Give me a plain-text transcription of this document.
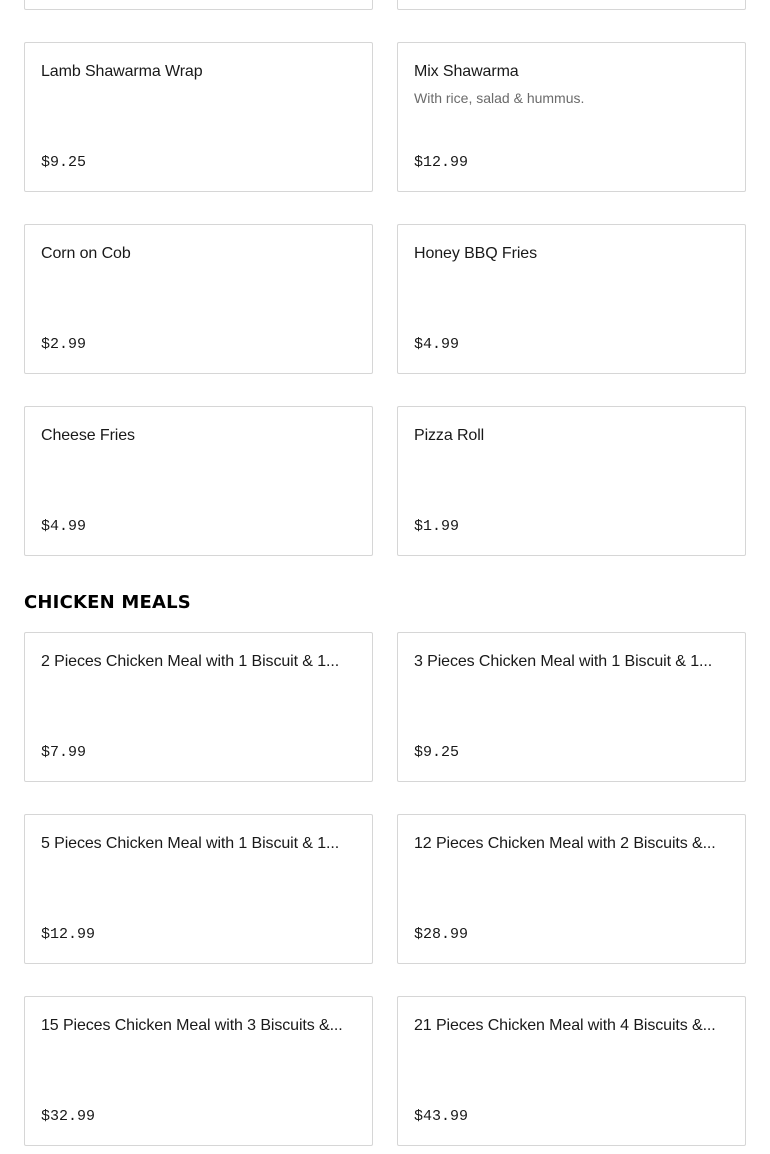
Lamb Shawarma Wrap
$9.25
Mix Shawarma
With rice, salad & hummus.
$12.99
Corn on Cob
$2.99
Honey BBQ Fries
$4.99
Cheese Fries
$4.99
Pizza Roll
$1.99
CHICKEN MEALS
2 Pieces Chicken Meal with 1 Biscuit & 1...
$7.99
3 Pieces Chicken Meal with 1 Biscuit & 1...
$9.25
5 Pieces Chicken Meal with 1 Biscuit & 1...
$12.99
12 Pieces Chicken Meal with 2 Biscuits &...
$28.99
15 Pieces Chicken Meal with 3 Biscuits &...
$32.99
21 Pieces Chicken Meal with 4 Biscuits &...
$43.99
